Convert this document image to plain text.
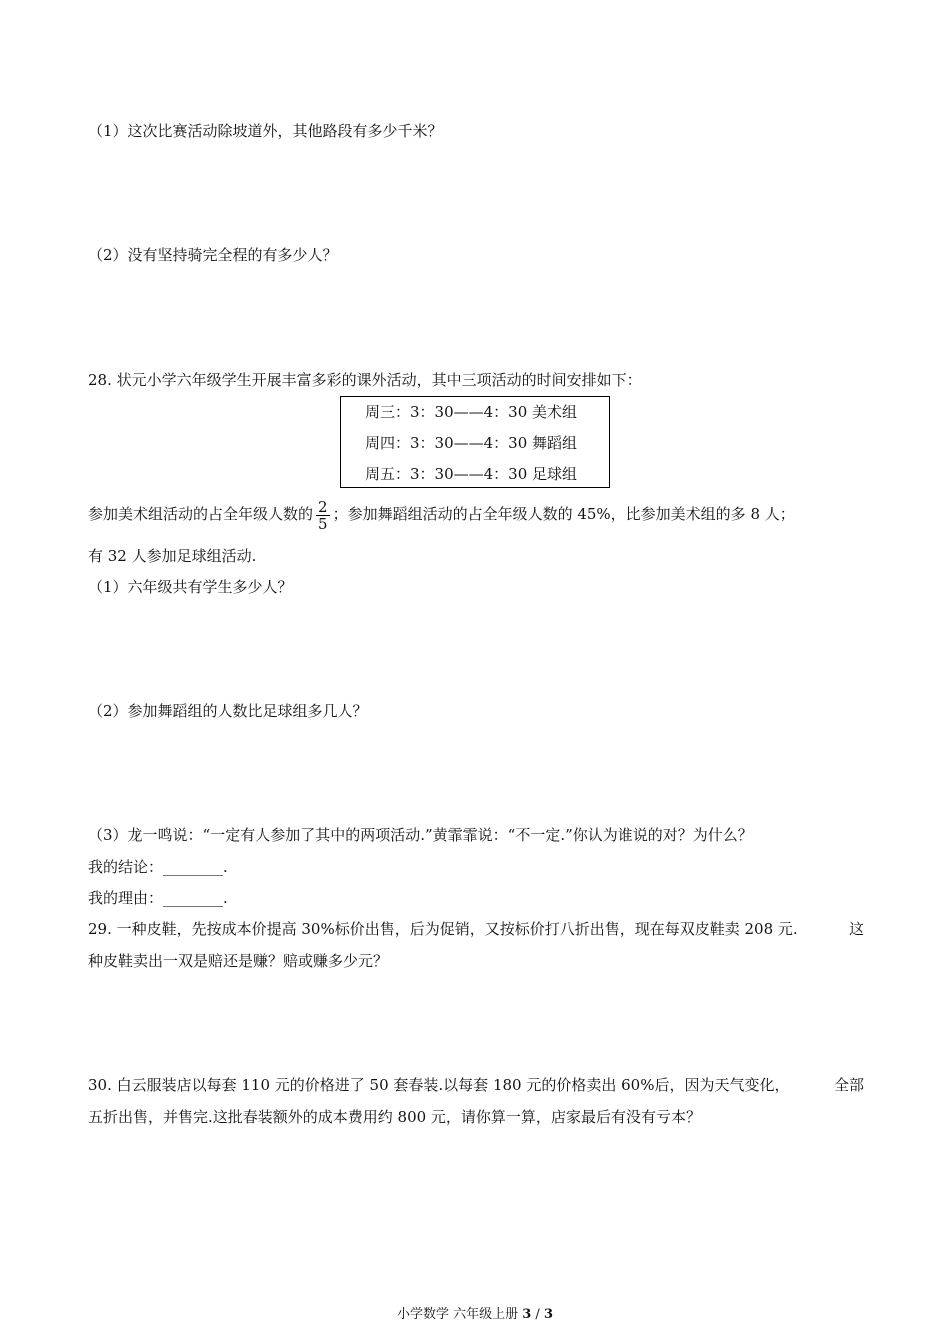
（1）这次比赛活动除坡道外，其他路段有多少千米？
（2）没有坚持骑完全程的有多少人？
28. 状元小学六年级学生开展丰富多彩的课外活动，其中三项活动的时间安排如下：
周三：3：30——4：30 美术组
周四：3：30——4：30 舞蹈组
周五：3：30——4：30 足球组
参加美术组活动的占全年级人数的 $\frac{2}{5}$ ；参加舞蹈组活动的占全年级人数的 45%，比参加美术组的多 8 人；
有 32 人参加足球组活动.
（1）六年级共有学生多少人？
（2）参加舞蹈组的人数比足球组多几人？
（3）龙一鸣说：“一定有人参加了其中的两项活动.”黄霏霏说：“不一定.”你认为谁说的对？为什么？
我的结论：________.
我的理由：________.
29. 一种皮鞋，先按成本价提高 30%标价出售，后为促销，又按标价打八折出售，现在每双皮鞋卖 208 元.	这
种皮鞋卖出一双是赔还是赚？赔或赚多少元？
30. 白云服装店以每套 110 元的价格进了 50 套春装.以每套 180 元的价格卖出 60%后，因为天气变化，	全部
五折出售，并售完.这批春装额外的成本费用约 800 元，请你算一算，店家最后有没有亏本？
小学数学 六年级上册 3 / 3
